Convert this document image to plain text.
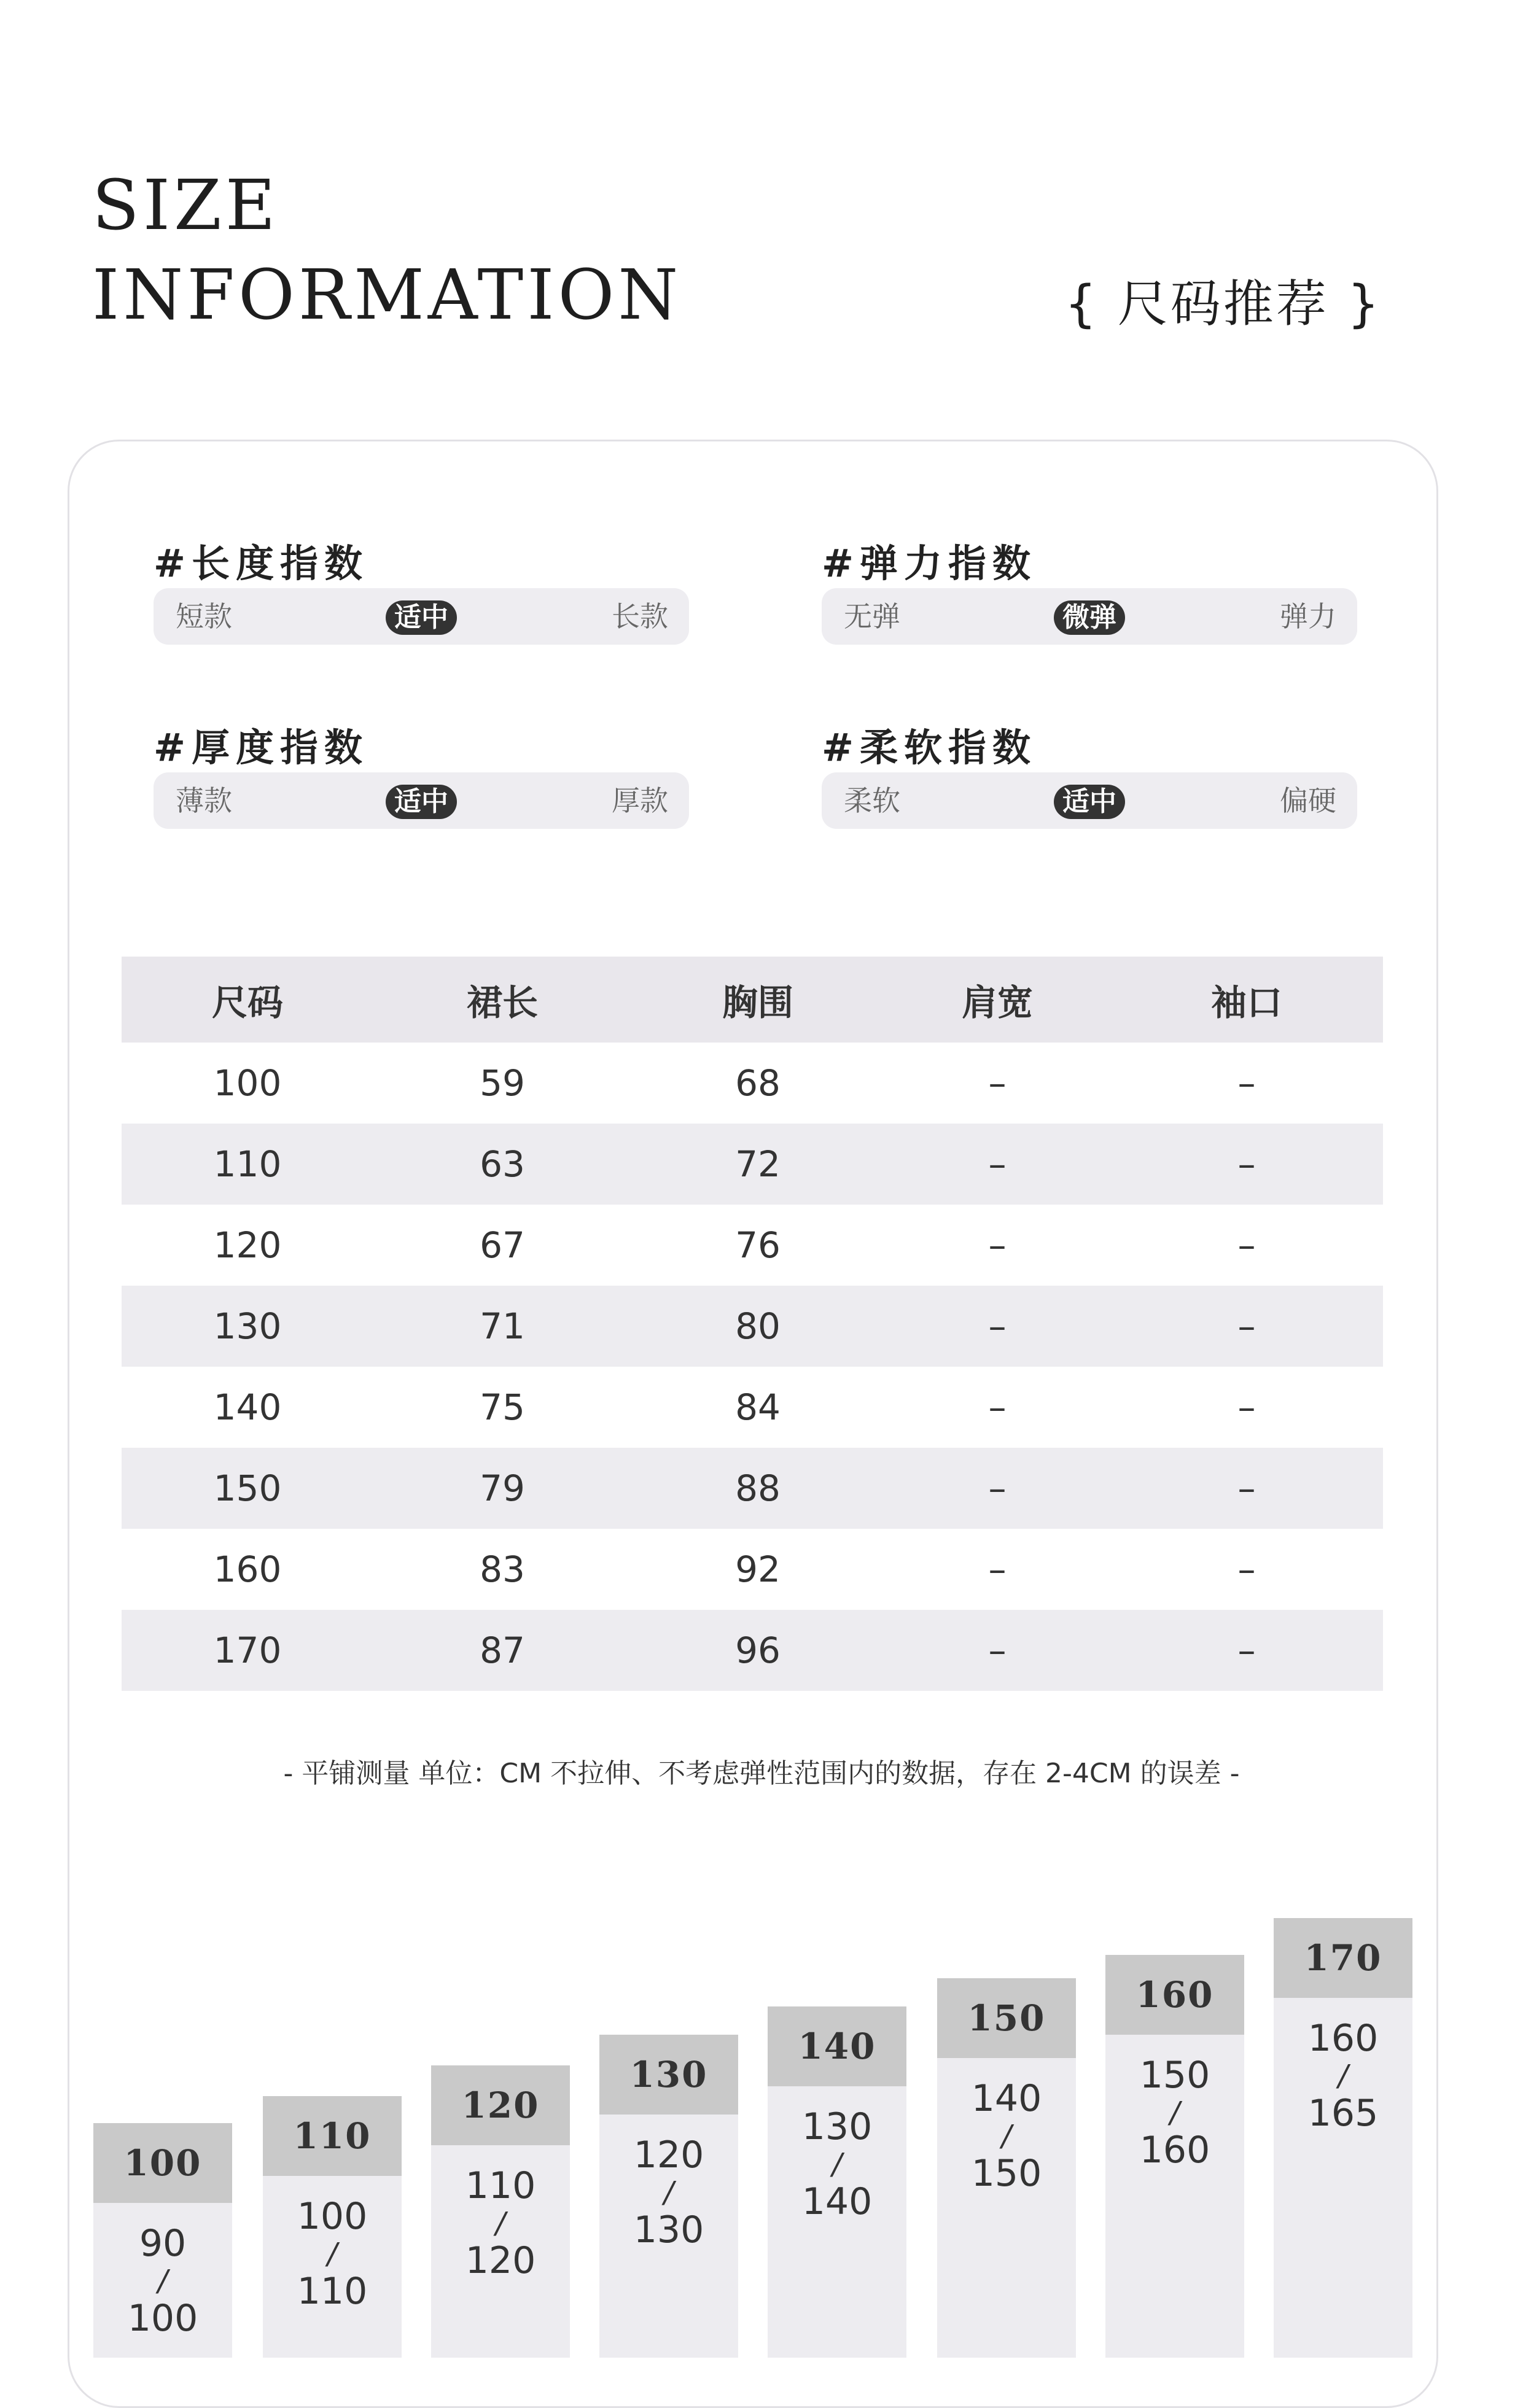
SIZE
INFORMATION	{ 尺码推荐 }
#长度指数
短款	适中	长款
#弹力指数
无弹	微弹	弹力
#厚度指数
薄款	适中	厚款
#柔软指数
柔软	适中	偏硬
尺码	裙长	胸围	肩宽	袖口
100	59	68	–	–
110	63	72	–	–
120	67	76	–	–
130	71	80	–	–
140	75	84	–	–
150	79	88	–	–
160	83	92	–	–
170	87	96	–	–
- 平铺测量 单位：CM 不拉伸、不考虑弹性范围内的数据，存在 2-4CM 的误差 -
100
90
/
100
110
100
/
110
120
110
/
120
130
120
/
130
140
130
/
140
150
140
/
150
160
150
/
160
170
160
/
165
